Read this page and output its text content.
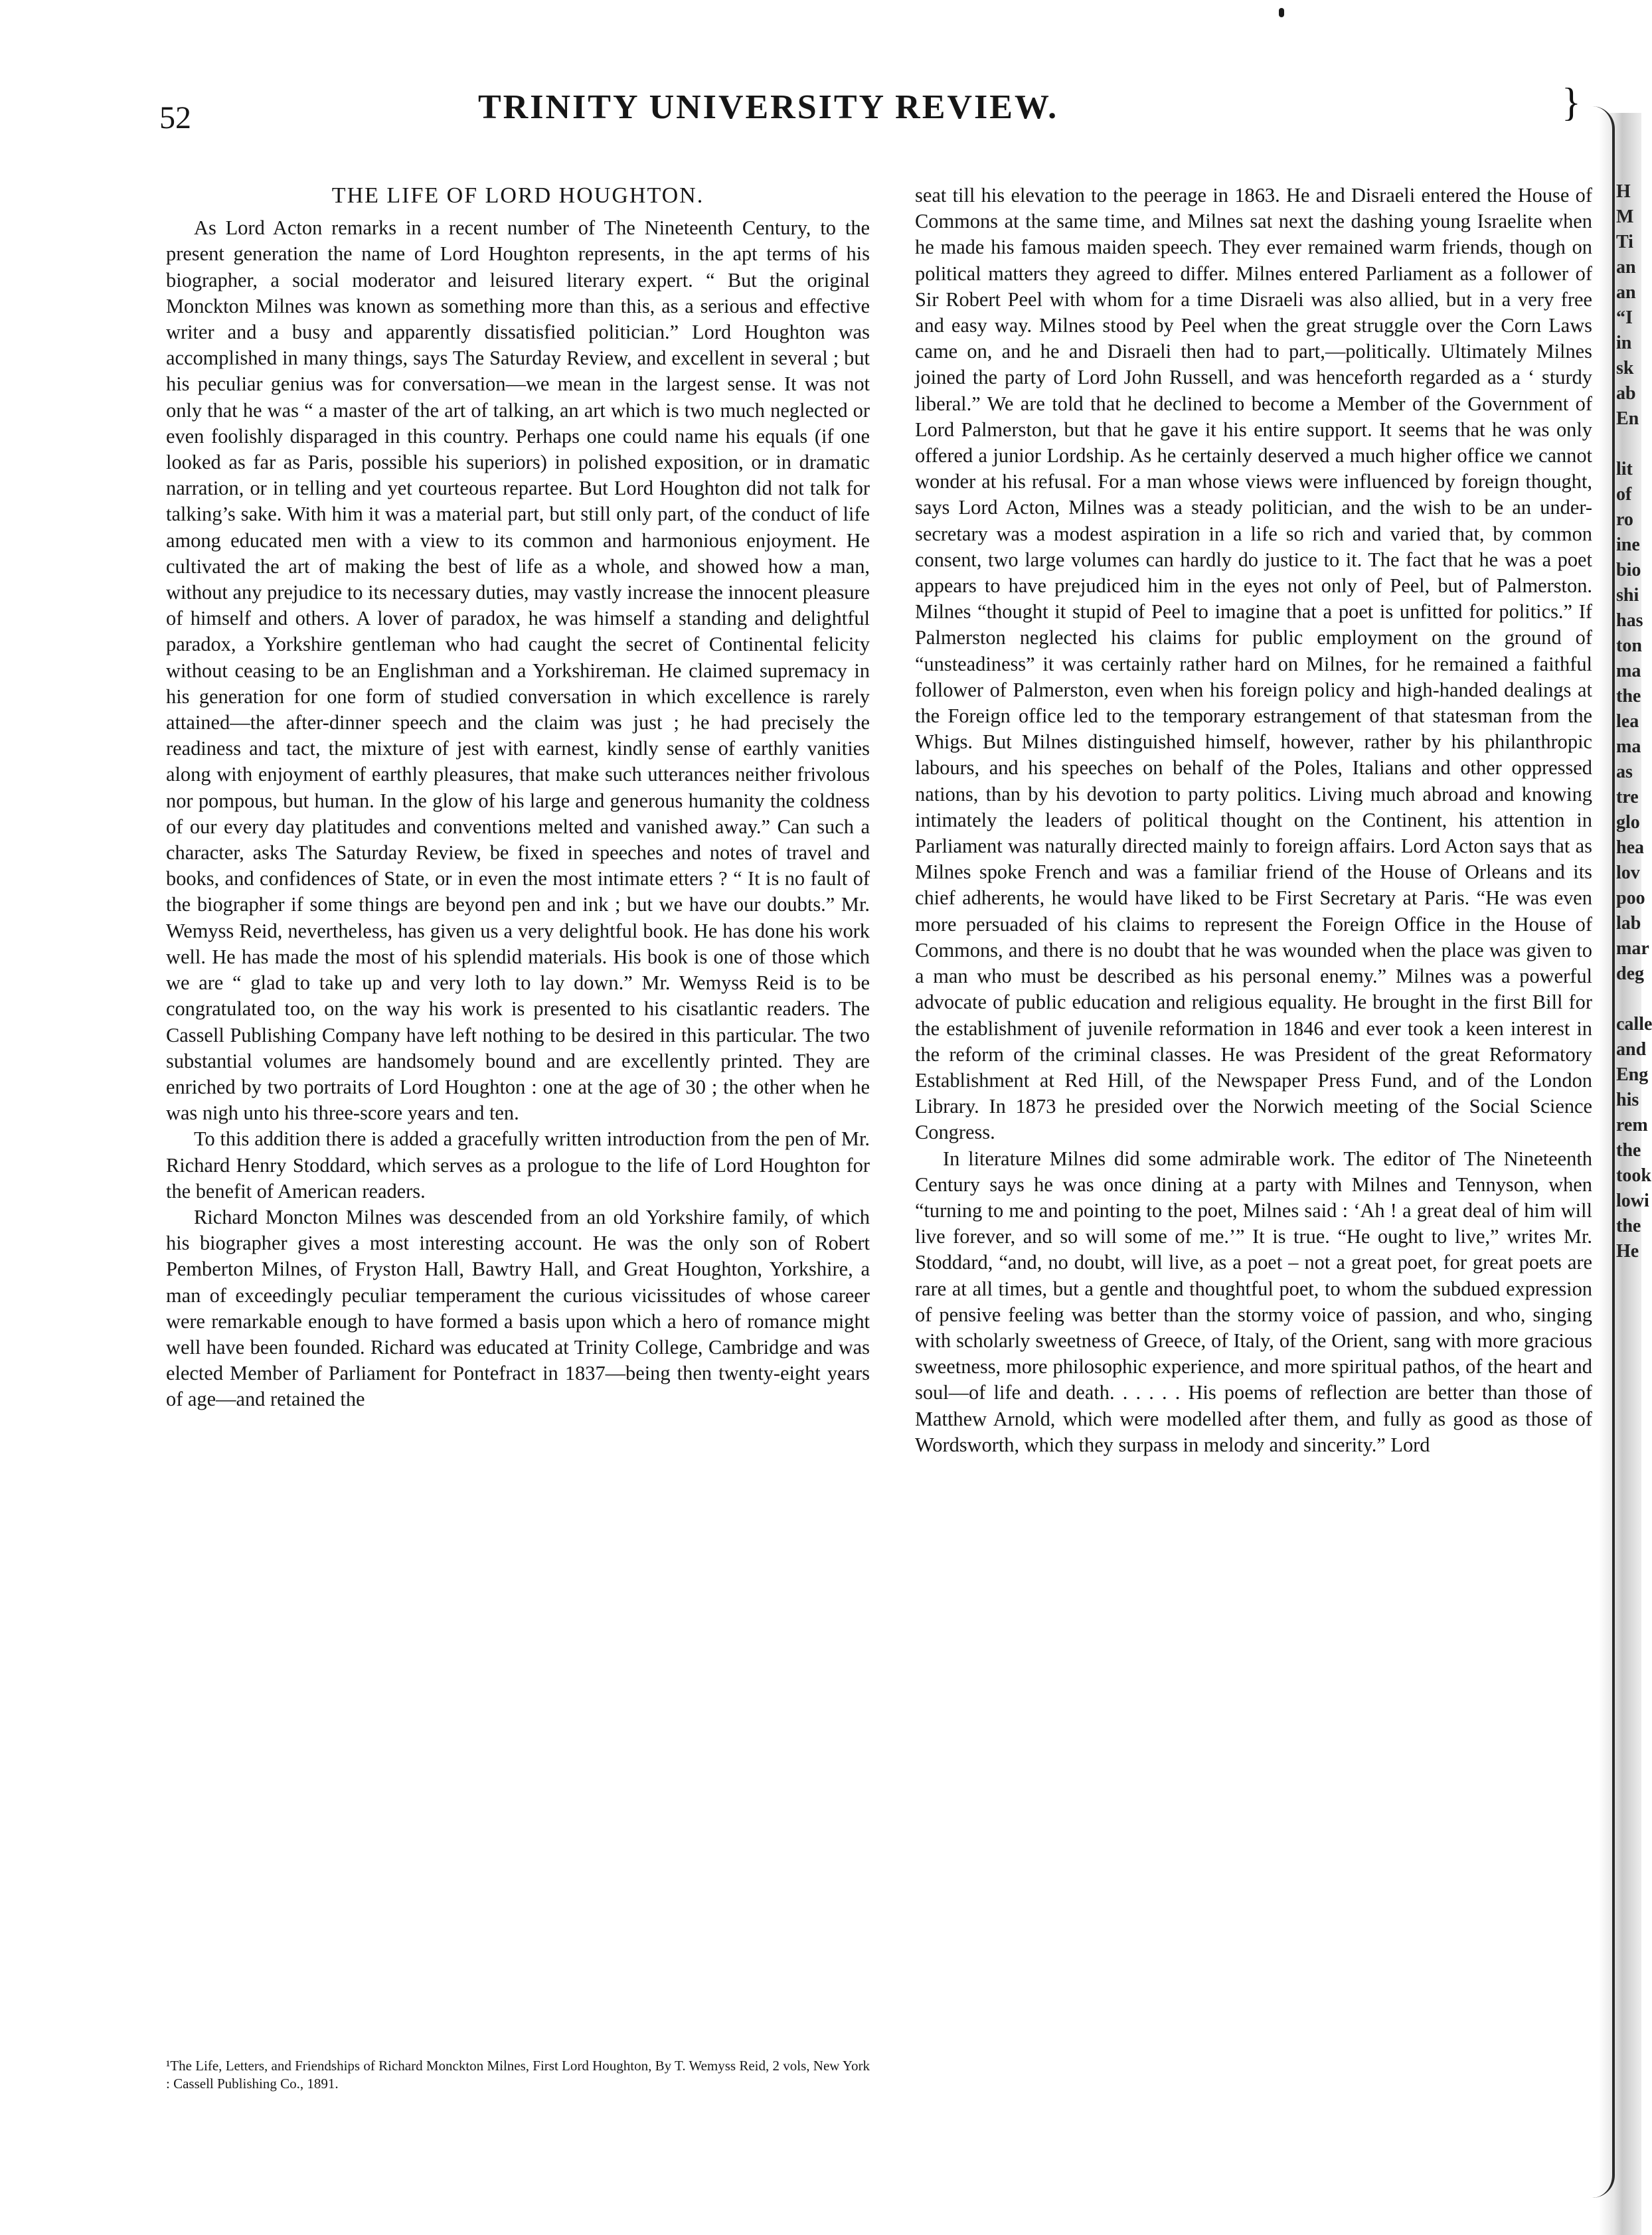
52	TRINITY UNIVERSITY REVIEW.	}
THE LIFE OF LORD HOUGHTON.

As Lord Acton remarks in a recent number of The Nineteenth Century, to the present generation the name of Lord Houghton represents, in the apt terms of his biographer, a social moderator and leisured literary expert. “ But the original Monckton Milnes was known as something more than this, as a serious and effective writer and a busy and apparently dissatisfied politician.” Lord Houghton was accomplished in many things, says The Saturday Review, and excellent in several ; but his peculiar genius was for conversation—we mean in the largest sense. It was not only that he was “ a master of the art of talking, an art which is two much neglected or even foolishly disparaged in this country. Perhaps one could name his equals (if one looked as far as Paris, possible his superiors) in polished exposition, or in dramatic narration, or in telling and yet courteous repartee. But Lord Houghton did not talk for talking’s sake. With him it was a material part, but still only part, of the conduct of life among educated men with a view to its common and harmonious enjoyment. He cultivated the art of making the best of life as a whole, and showed how a man, without any prejudice to its necessary duties, may vastly increase the innocent pleasure of himself and others. A lover of paradox, he was himself a standing and delightful paradox, a Yorkshire gentleman who had caught the secret of Continental felicity without ceasing to be an Englishman and a Yorkshireman. He claimed supremacy in his generation for one form of studied conversation in which excellence is rarely attained—the after-dinner speech and the claim was just ; he had precisely the readiness and tact, the mixture of jest with earnest, kindly sense of earthly vanities along with enjoyment of earthly pleasures, that make such utterances neither frivolous nor pompous, but human. In the glow of his large and generous humanity the coldness of our every day platitudes and conventions melted and vanished away.” Can such a character, asks The Saturday Review, be fixed in speeches and notes of travel and books, and confidences of State, or in even the most intimate etters ? “ It is no fault of the biographer if some things are beyond pen and ink ; but we have our doubts.” Mr. Wemyss Reid, nevertheless, has given us a very delightful book. He has done his work well. He has made the most of his splendid materials. His book is one of those which we are “ glad to take up and very loth to lay down.” Mr. Wemyss Reid is to be congratulated too, on the way his work is presented to his cisatlantic readers. The Cassell Publishing Company have left nothing to be desired in this particular. The two substantial volumes are handsomely bound and are excellently printed. They are enriched by two portraits of Lord Houghton : one at the age of 30 ; the other when he was nigh unto his three-score years and ten.

To this addition there is added a gracefully written introduction from the pen of Mr. Richard Henry Stoddard, which serves as a prologue to the life of Lord Houghton for the benefit of American readers.

Richard Moncton Milnes was descended from an old Yorkshire family, of which his biographer gives a most interesting account. He was the only son of Robert Pemberton Milnes, of Fryston Hall, Bawtry Hall, and Great Houghton, Yorkshire, a man of exceedingly peculiar temperament the curious vicissitudes of whose career were remarkable enough to have formed a basis upon which a hero of romance might well have been founded. Richard was educated at Trinity College, Cambridge and was elected Member of Parliament for Pontefract in 1837—being then twenty-eight years of age—and retained the

¹The Life, Letters, and Friendships of Richard Monckton Milnes, First Lord Houghton, By T. Wemyss Reid, 2 vols, New York : Cassell Publishing Co., 1891.

seat till his elevation to the peerage in 1863. He and Disraeli entered the House of Commons at the same time, and Milnes sat next the dashing young Israelite when he made his famous maiden speech. They ever remained warm friends, though on political matters they agreed to differ. Milnes entered Parliament as a follower of Sir Robert Peel with whom for a time Disraeli was also allied, but in a very free and easy way. Milnes stood by Peel when the great struggle over the Corn Laws came on, and he and Disraeli then had to part,—politically. Ultimately Milnes joined the party of Lord John Russell, and was henceforth regarded as a ‘ sturdy liberal.” We are told that he declined to become a Member of the Government of Lord Palmerston, but that he gave it his entire support. It seems that he was only offered a junior Lordship. As he certainly deserved a much higher office we cannot wonder at his refusal. For a man whose views were influenced by foreign thought, says Lord Acton, Milnes was a steady politician, and the wish to be an under-secretary was a modest aspiration in a life so rich and varied that, by common consent, two large volumes can hardly do justice to it. The fact that he was a poet appears to have prejudiced him in the eyes not only of Peel, but of Palmerston. Milnes “thought it stupid of Peel to imagine that a poet is unfitted for politics.” If Palmerston neglected his claims for public employment on the ground of “unsteadiness” it was certainly rather hard on Milnes, for he remained a faithful follower of Palmerston, even when his foreign policy and high-handed dealings at the Foreign office led to the temporary estrangement of that statesman from the Whigs. But Milnes distinguished himself, however, rather by his philanthropic labours, and his speeches on behalf of the Poles, Italians and other oppressed nations, than by his devotion to party politics. Living much abroad and knowing intimately the leaders of political thought on the Continent, his attention in Parliament was naturally directed mainly to foreign affairs. Lord Acton says that as Milnes spoke French and was a familiar friend of the House of Orleans and its chief adherents, he would have liked to be First Secretary at Paris. “He was even more persuaded of his claims to represent the Foreign Office in the House of Commons, and there is no doubt that he was wounded when the place was given to a man who must be described as his personal enemy.” Milnes was a powerful advocate of public education and religious equality. He brought in the first Bill for the establishment of juvenile reformation in 1846 and ever took a keen interest in the reform of the criminal classes. He was President of the great Reformatory Establishment at Red Hill, of the Newspaper Press Fund, and of the London Library. In 1873 he presided over the Norwich meeting of the Social Science Congress.

In literature Milnes did some admirable work. The editor of The Nineteenth Century says he was once dining at a party with Milnes and Tennyson, when “turning to me and pointing to the poet, Milnes said : ‘Ah ! a great deal of him will live forever, and so will some of me.’” It is true. “He ought to live,” writes Mr. Stoddard, “and, no doubt, will live, as a poet – not a great poet, for great poets are rare at all times, but a gentle and thoughtful poet, to whom the subdued expression of pensive feeling was better than the stormy voice of passion, and who, singing with scholarly sweetness of Greece, of Italy, of the Orient, sang with more gracious sweetness, more philosophic experience, and more spiritual pathos, of the heart and soul—of life and death. . . . . . His poems of reflection are better than those of Matthew Arnold, which were modelled after them, and fully as good as those of Wordsworth, which they surpass in melody and sincerity.” Lord

H
M
Ti
an
an
“I
in
sk
ab
En
lit
of
ro
ine
bio
shi
has
ton
ma
the
lea
ma
as
tre
glo
hea
lov
poo
lab
mar
deg
calle
and
Eng
his
rem
the
took
lowi
the
He
